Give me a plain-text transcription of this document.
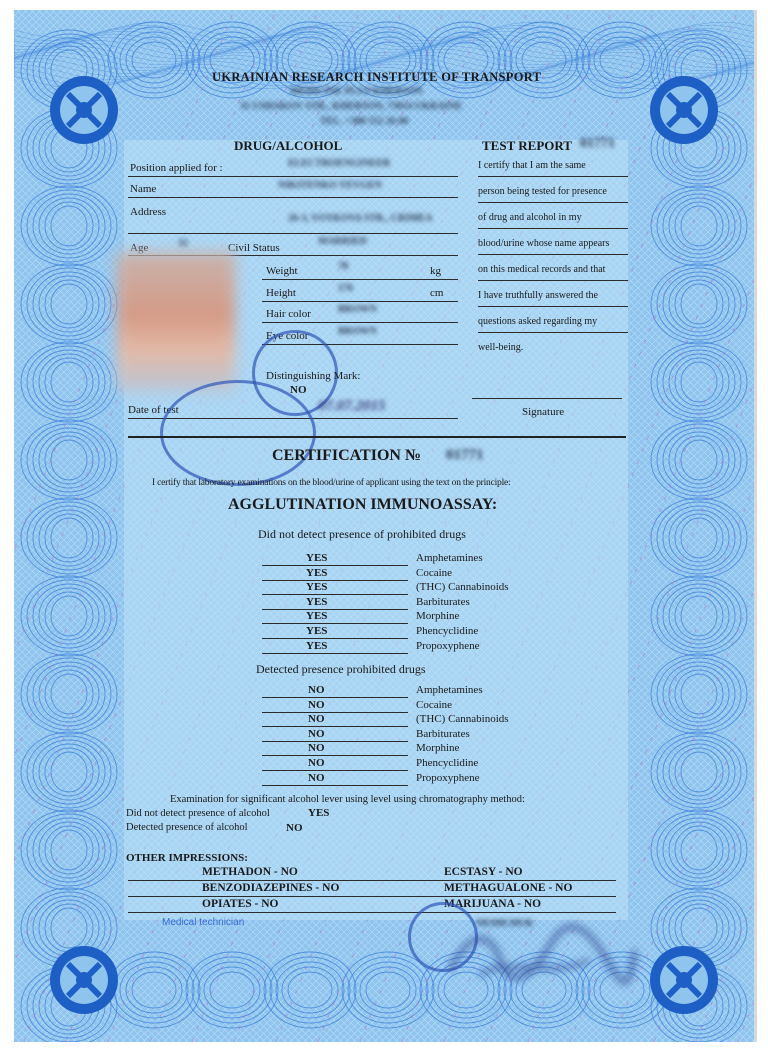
UKRAINIAN RESEARCH INSTITUTE OF TRANSPORT
MEDICINE PLUS KHERSON
31 USHAKOV STR., KHERSON, 73014 UKRAINE
TEL. +380 552 26 00
DRUG/ALCOHOL	TEST REPORT 01771
Position applied for :	ELECTROENGINEER
Name	NIKITENKO YEVGEN
Address
26-3, VOYKOVA STR., CRIMEA
Age	32	Civil Status
MARRIED
Weight	78	kg
Height	176	cm
Hair color	BROWN
Eye color	BROWN
Distinguishing Mark:
NO
Date of test	07.07.2015
I certify that I am the same
person being tested for presence
of drug and alcohol in my
blood/urine whose name appears
on this medical records and that
I have truthfully answered the
questions asked regarding my
well-being.
Signature
CERTIFICATION № 01771
I certify that laboratory examinations on the blood/urine of applicant using the text on the principle:
AGGLUTINATION IMMUNOASSAY:
Did not detect presence of prohibited drugs
YES	Amphetamines
YES	Cocaine
YES	(THC) Cannabinoids
YES	Barbiturates
YES	Morphine
YES	Phencyclidine
YES	Propoxyphene
Detected presence prohibited drugs
NO	Amphetamines
NO	Cocaine
NO	(THC) Cannabinoids
NO	Barbiturates
NO	Morphine
NO	Phencyclidine
NO	Propoxyphene
Examination for significant alcohol lever using level using chromatography method:
Did not detect presence of alcohol	YES
Detected presence of alcohol	NO
OTHER IMPRESSIONS:
METHADON - NO	ECSTASY - NO
BENZODIAZEPINES - NO	METHAGUALONE - NO
OPIATES - NO	MARIJUANA - NO
Medical technician	NESHCHUK
